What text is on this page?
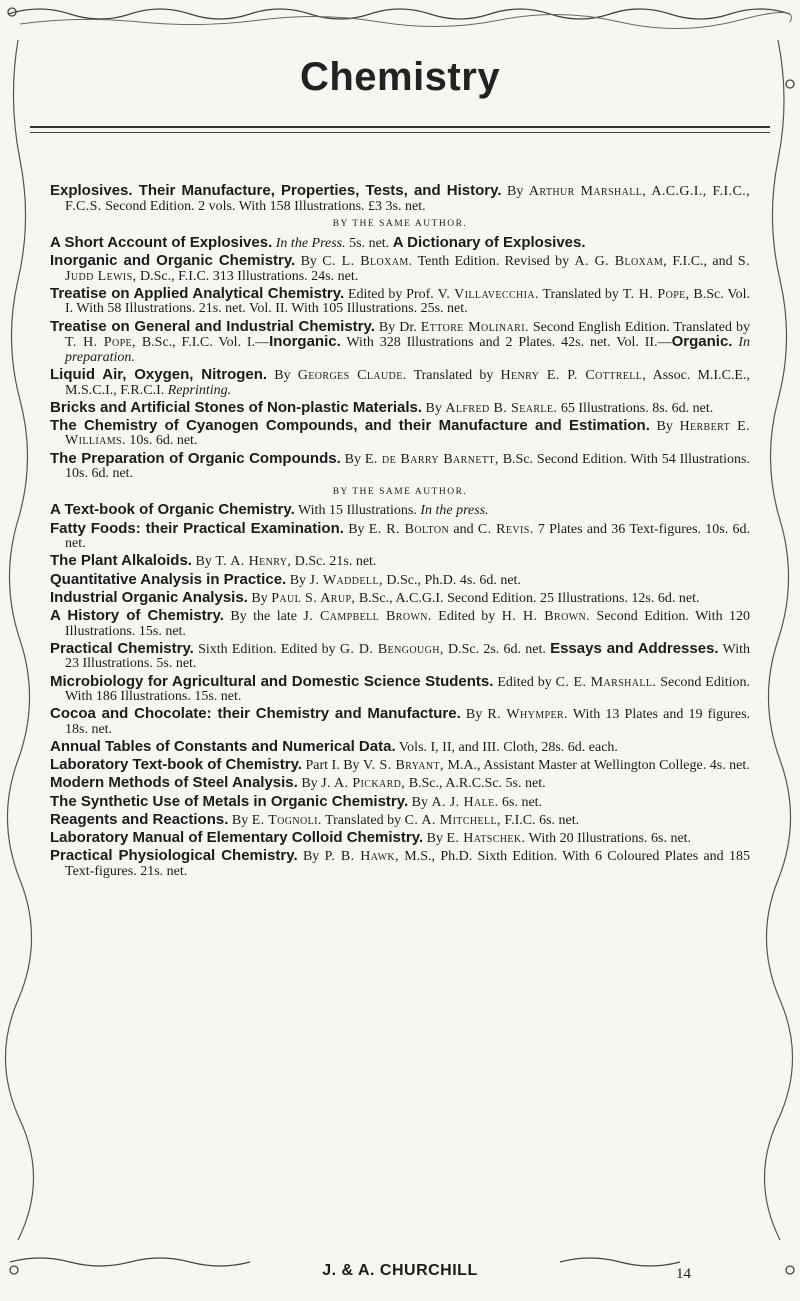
Chemistry
Explosives. Their Manufacture, Properties, Tests, and History. By Arthur Marshall, A.C.G.I., F.I.C., F.C.S. Second Edition. 2 vols. With 158 Illustrations. £3 3s. net.
BY THE SAME AUTHOR.
A Short Account of Explosives. In the Press. 5s. net. A Dictionary of Explosives.
Inorganic and Organic Chemistry. By C. L. Bloxam. Tenth Edition. Revised by A. G. Bloxam, F.I.C., and S. Judd Lewis, D.Sc., F.I.C. 313 Illustrations. 24s. net.
Treatise on Applied Analytical Chemistry. Edited by Prof. V. Villavecchia. Translated by T. H. Pope, B.Sc. Vol. I. With 58 Illustrations. 21s. net. Vol. II. With 105 Illustrations. 25s. net.
Treatise on General and Industrial Chemistry. By Dr. Ettore Molinari. Second English Edition. Translated by T. H. Pope, B.Sc., F.I.C. Vol. I.—Inorganic. With 328 Illustrations and 2 Plates. 42s. net. Vol. II.—Organic. In preparation.
Liquid Air, Oxygen, Nitrogen. By Georges Claude. Translated by Henry E. P. Cottrell, Assoc. M.I.C.E., M.S.C.I., F.R.C.I. Reprinting.
Bricks and Artificial Stones of Non-plastic Materials. By Alfred B. Searle. 65 Illustrations. 8s. 6d. net.
The Chemistry of Cyanogen Compounds, and their Manufacture and Estimation. By Herbert E. Williams. 10s. 6d. net.
The Preparation of Organic Compounds. By E. de Barry Barnett, B.Sc. Second Edition. With 54 Illustrations. 10s. 6d. net.
BY THE SAME AUTHOR.
A Text-book of Organic Chemistry. With 15 Illustrations. In the press.
Fatty Foods: their Practical Examination. By E. R. Bolton and C. Revis. 7 Plates and 36 Text-figures. 10s. 6d. net.
The Plant Alkaloids. By T. A. Henry, D.Sc. 21s. net.
Quantitative Analysis in Practice. By J. Waddell, D.Sc., Ph.D. 4s. 6d. net.
Industrial Organic Analysis. By Paul S. Arup, B.Sc., A.C.G.I. Second Edition. 25 Illustrations. 12s. 6d. net.
A History of Chemistry. By the late J. Campbell Brown. Edited by H. H. Brown. Second Edition. With 120 Illustrations. 15s. net.
Practical Chemistry. Sixth Edition. Edited by G. D. Bengough, D.Sc. 2s. 6d. net. Essays and Addresses. With 23 Illustrations. 5s. net.
Microbiology for Agricultural and Domestic Science Students. Edited by C. E. Marshall. Second Edition. With 186 Illustrations. 15s. net.
Cocoa and Chocolate: their Chemistry and Manufacture. By R. Whymper. With 13 Plates and 19 figures. 18s. net.
Annual Tables of Constants and Numerical Data. Vols. I, II, and III. Cloth, 28s. 6d. each.
Laboratory Text-book of Chemistry. Part I. By V. S. Bryant, M.A., Assistant Master at Wellington College. 4s. net.
Modern Methods of Steel Analysis. By J. A. Pickard, B.Sc., A.R.C.Sc. 5s. net.
The Synthetic Use of Metals in Organic Chemistry. By A. J. Hale. 6s. net.
Reagents and Reactions. By E. Tognoli. Translated by C. A. Mitchell, F.I.C. 6s. net.
Laboratory Manual of Elementary Colloid Chemistry. By E. Hatschek. With 20 Illustrations. 6s. net.
Practical Physiological Chemistry. By P. B. Hawk, M.S., Ph.D. Sixth Edition. With 6 Coloured Plates and 185 Text-figures. 21s. net.
J. & A. CHURCHILL	14
